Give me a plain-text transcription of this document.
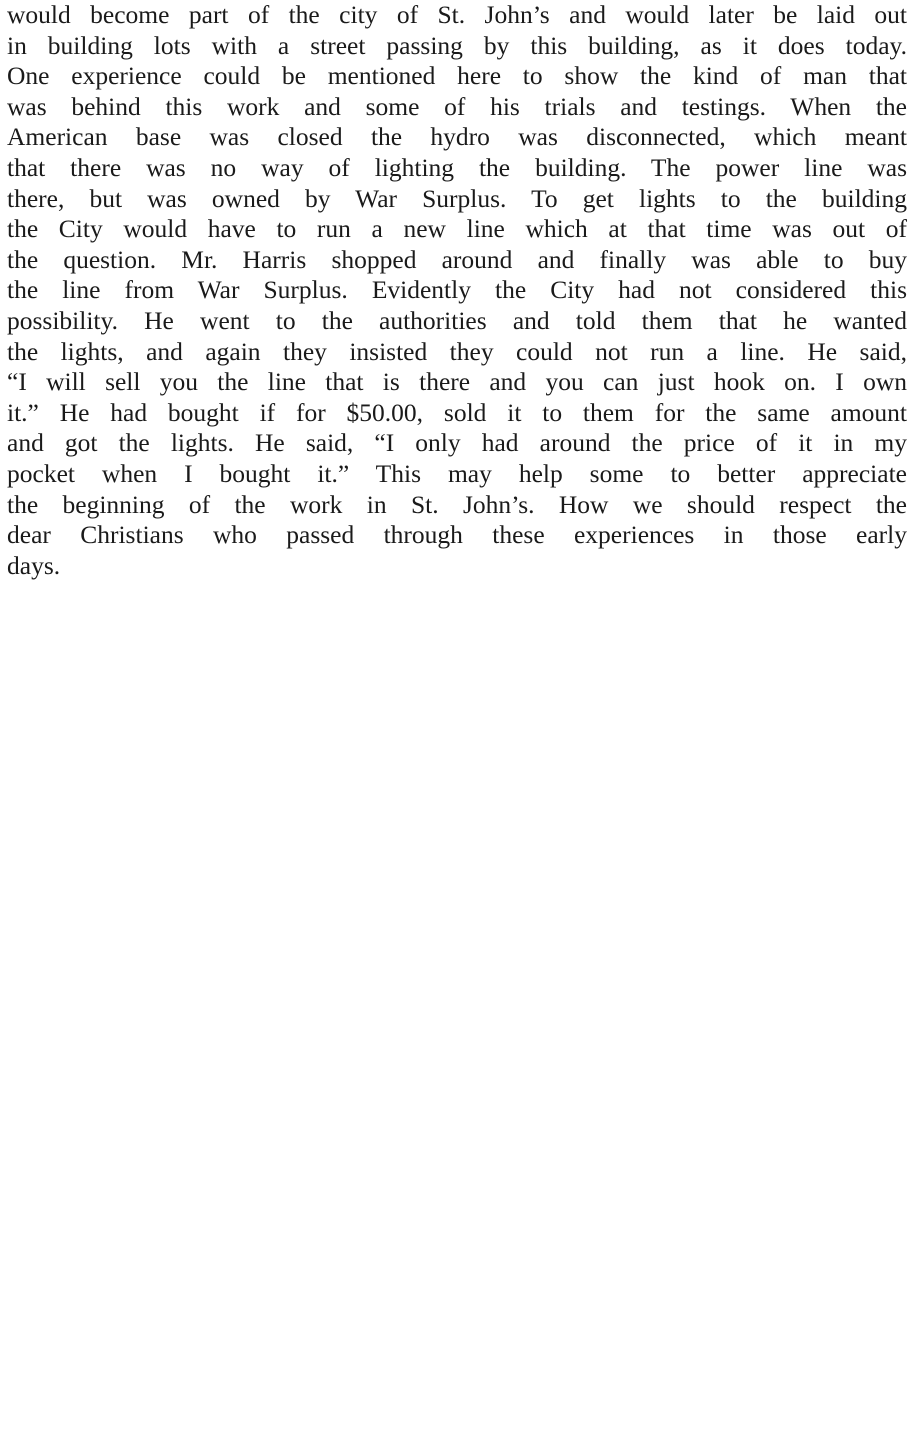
would become part of the city of St. John’s and would later be laid out
in building lots with a street passing by this building, as it does today.
One experience could be mentioned here to show the kind of man that
was behind this work and some of his trials and testings. When the
American base was closed the hydro was disconnected, which meant
that there was no way of lighting the building. The power line was
there, but was owned by War Surplus. To get lights to the building
the City would have to run a new line which at that time was out of
the question. Mr. Harris shopped around and finally was able to buy
the line from War Surplus. Evidently the City had not considered this
possibility. He went to the authorities and told them that he wanted
the lights, and again they insisted they could not run a line. He said,
“I will sell you the line that is there and you can just hook on. I own
it.” He had bought if for $50.00, sold it to them for the same amount
and got the lights. He said, “I only had around the price of it in my
pocket when I bought it.” This may help some to better appreciate
the beginning of the work in St. John’s. How we should respect the
dear Christians who passed through these experiences in those early
days.
